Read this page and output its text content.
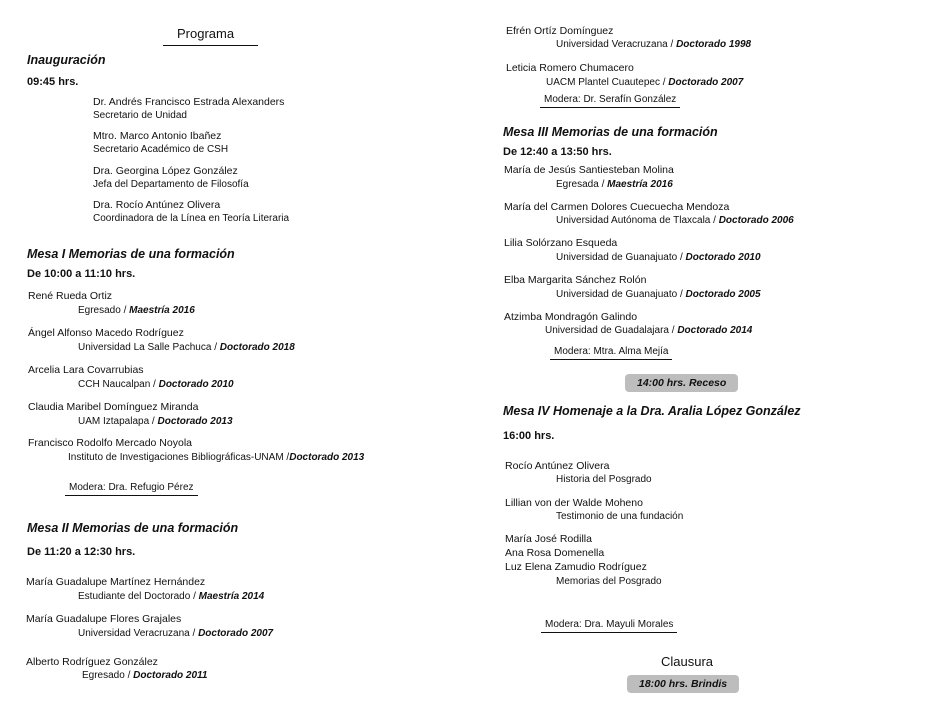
Programa
Inauguración
09:45 hrs.
Dr. Andrés Francisco Estrada Alexanders
Secretario de Unidad
Mtro. Marco Antonio Ibañez
Secretario Académico de CSH
Dra. Georgina López González
Jefa del Departamento de Filosofía
Dra. Rocío Antúnez Olivera
Coordinadora de la Línea en Teoría Literaria
Mesa I Memorias de una formación
De 10:00 a 11:10 hrs.
René Rueda Ortiz
Egresado / Maestría 2016
Ángel Alfonso Macedo Rodríguez
Universidad La Salle Pachuca / Doctorado 2018
Arcelia Lara Covarrubias
CCH Naucalpan / Doctorado 2010
Claudia Maribel Domínguez Miranda
UAM Iztapalapa / Doctorado 2013
Francisco Rodolfo Mercado Noyola
Instituto de Investigaciones Bibliográficas-UNAM /Doctorado 2013
Modera: Dra. Refugio Pérez
Mesa II Memorias de una formación
De 11:20 a 12:30 hrs.
María Guadalupe Martínez Hernández
Estudiante del Doctorado / Maestría 2014
María Guadalupe Flores Grajales
Universidad Veracruzana / Doctorado 2007
Alberto Rodríguez González
Egresado / Doctorado 2011
Efrén Ortíz Domínguez
Universidad Veracruzana / Doctorado 1998
Leticia Romero Chumacero
UACM Plantel Cuautepec / Doctorado 2007
Modera: Dr. Serafín González
Mesa III Memorias de una formación
De 12:40 a 13:50 hrs.
María de Jesús Santiesteban Molina
Egresada / Maestría 2016
María del Carmen Dolores Cuecuecha Mendoza
Universidad Autónoma de Tlaxcala / Doctorado 2006
Lilia Solórzano Esqueda
Universidad de Guanajuato / Doctorado 2010
Elba Margarita Sánchez Rolón
Universidad de Guanajuato / Doctorado 2005
Atzimba Mondragón Galindo
Universidad de Guadalajara / Doctorado 2014
Modera: Mtra. Alma Mejía
14:00 hrs. Receso
Mesa IV Homenaje a la Dra. Aralia López González
16:00 hrs.
Rocío Antúnez Olivera
Historia del Posgrado
Lillian von der Walde Moheno
Testimonio de una fundación
María José Rodilla
Ana Rosa Domenella
Luz Elena Zamudio Rodríguez
Memorias del Posgrado
Modera: Dra. Mayuli Morales
Clausura
18:00 hrs. Brindis
